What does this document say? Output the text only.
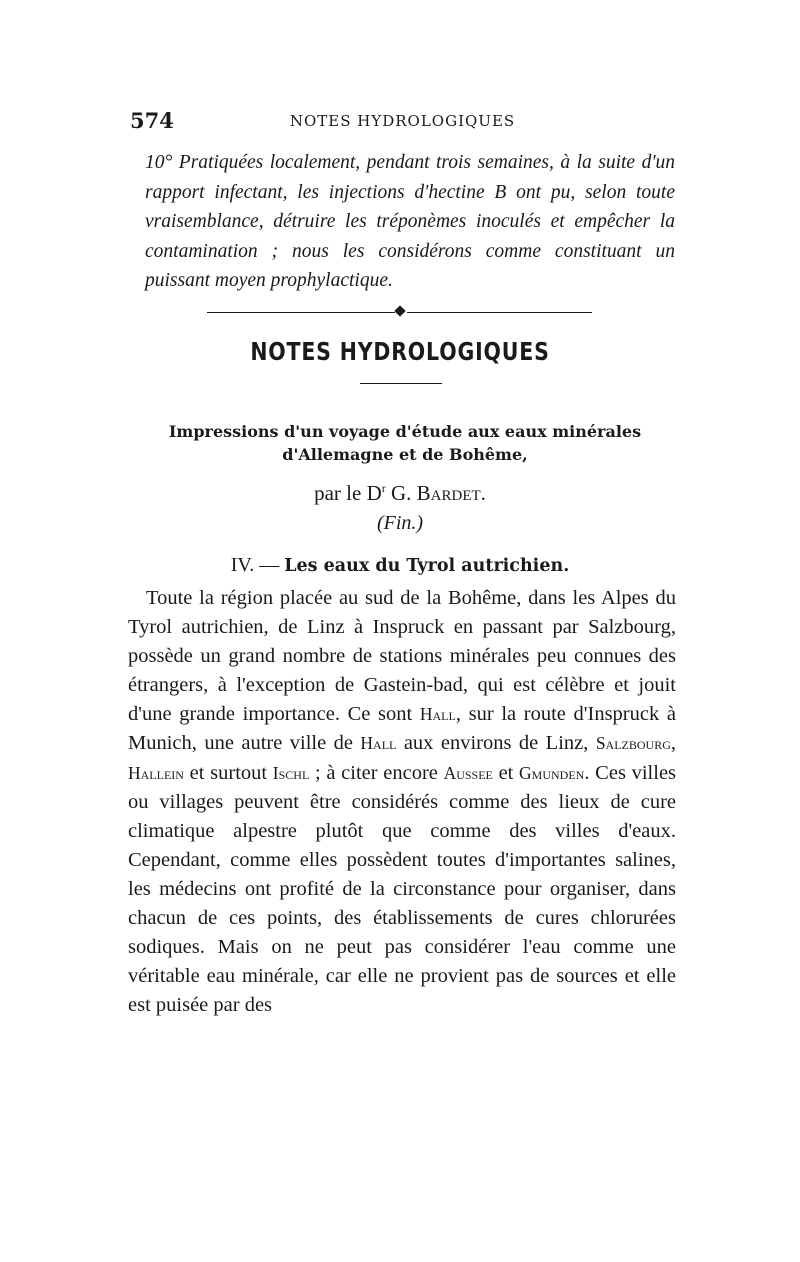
574	NOTES HYDROLOGIQUES

10° Pratiquées localement, pendant trois semaines, à la suite d'un rapport infectant, les injections d'hectine B ont pu, selon toute vraisemblance, détruire les tréponèmes inoculés et empêcher la contamination ; nous les considérons comme constituant un puissant moyen prophylactique.

NOTES HYDROLOGIQUES
Impressions d'un voyage d'étude aux eaux minérales
d'Allemagne et de Bohême,
par le $D^r$ G. Bardet.
(Fin.)
IV. — Les eaux du Tyrol autrichien.

Toute la région placée au sud de la Bohême, dans les Alpes du Tyrol autrichien, de Linz à Inspruck en passant par Salzbourg, possède un grand nombre de stations minérales peu connues des étrangers, à l'exception de Gastein-bad, qui est célèbre et jouit d'une grande importance. Ce sont Hall, sur la route d'Inspruck à Munich, une autre ville de Hall aux environs de Linz, Salzbourg, Hallein et surtout Ischl ; à citer encore Aussee et Gmunden. Ces villes ou villages peuvent être considérés comme des lieux de cure climatique alpestre plutôt que comme des villes d'eaux. Cependant, comme elles possèdent toutes d'importantes salines, les médecins ont profité de la circonstance pour organiser, dans chacun de ces points, des établissements de cures chlorurées sodiques. Mais on ne peut pas considérer l'eau comme une véritable eau minérale, car elle ne provient pas de sources et elle est puisée par des
